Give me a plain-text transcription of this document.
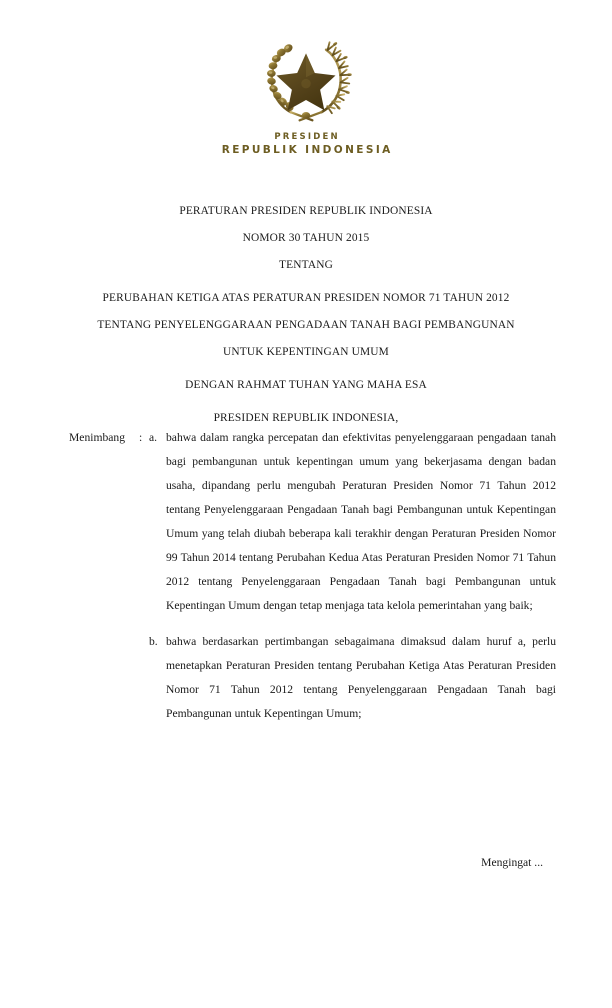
PRESIDEN
REPUBLIK INDONESIA
PERATURAN PRESIDEN REPUBLIK INDONESIA
NOMOR 30 TAHUN 2015
TENTANG
PERUBAHAN KETIGA ATAS PERATURAN PRESIDEN NOMOR 71 TAHUN 2012
TENTANG PENYELENGGARAAN PENGADAAN TANAH BAGI PEMBANGUNAN
UNTUK KEPENTINGAN UMUM
DENGAN RAHMAT TUHAN YANG MAHA ESA
PRESIDEN REPUBLIK INDONESIA,
Menimbang	: a. bahwa dalam rangka percepatan dan efektivitas penyelenggaraan pengadaan tanah bagi pembangunan untuk kepentingan umum yang bekerjasama dengan badan usaha, dipandang perlu mengubah Peraturan Presiden Nomor 71 Tahun 2012 tentang Penyelenggaraan Pengadaan Tanah bagi Pembangunan untuk Kepentingan Umum yang telah diubah beberapa kali terakhir dengan Peraturan Presiden Nomor 99 Tahun 2014 tentang Perubahan Kedua Atas Peraturan Presiden Nomor 71 Tahun 2012 tentang Penyelenggaraan Pengadaan Tanah bagi Pembangunan untuk Kepentingan Umum dengan tetap menjaga tata kelola pemerintahan yang baik;
b. bahwa berdasarkan pertimbangan sebagaimana dimaksud dalam huruf a, perlu menetapkan Peraturan Presiden tentang Perubahan Ketiga Atas Peraturan Presiden Nomor 71 Tahun 2012 tentang Penyelenggaraan Pengadaan Tanah bagi Pembangunan untuk Kepentingan Umum;
Mengingat ...
